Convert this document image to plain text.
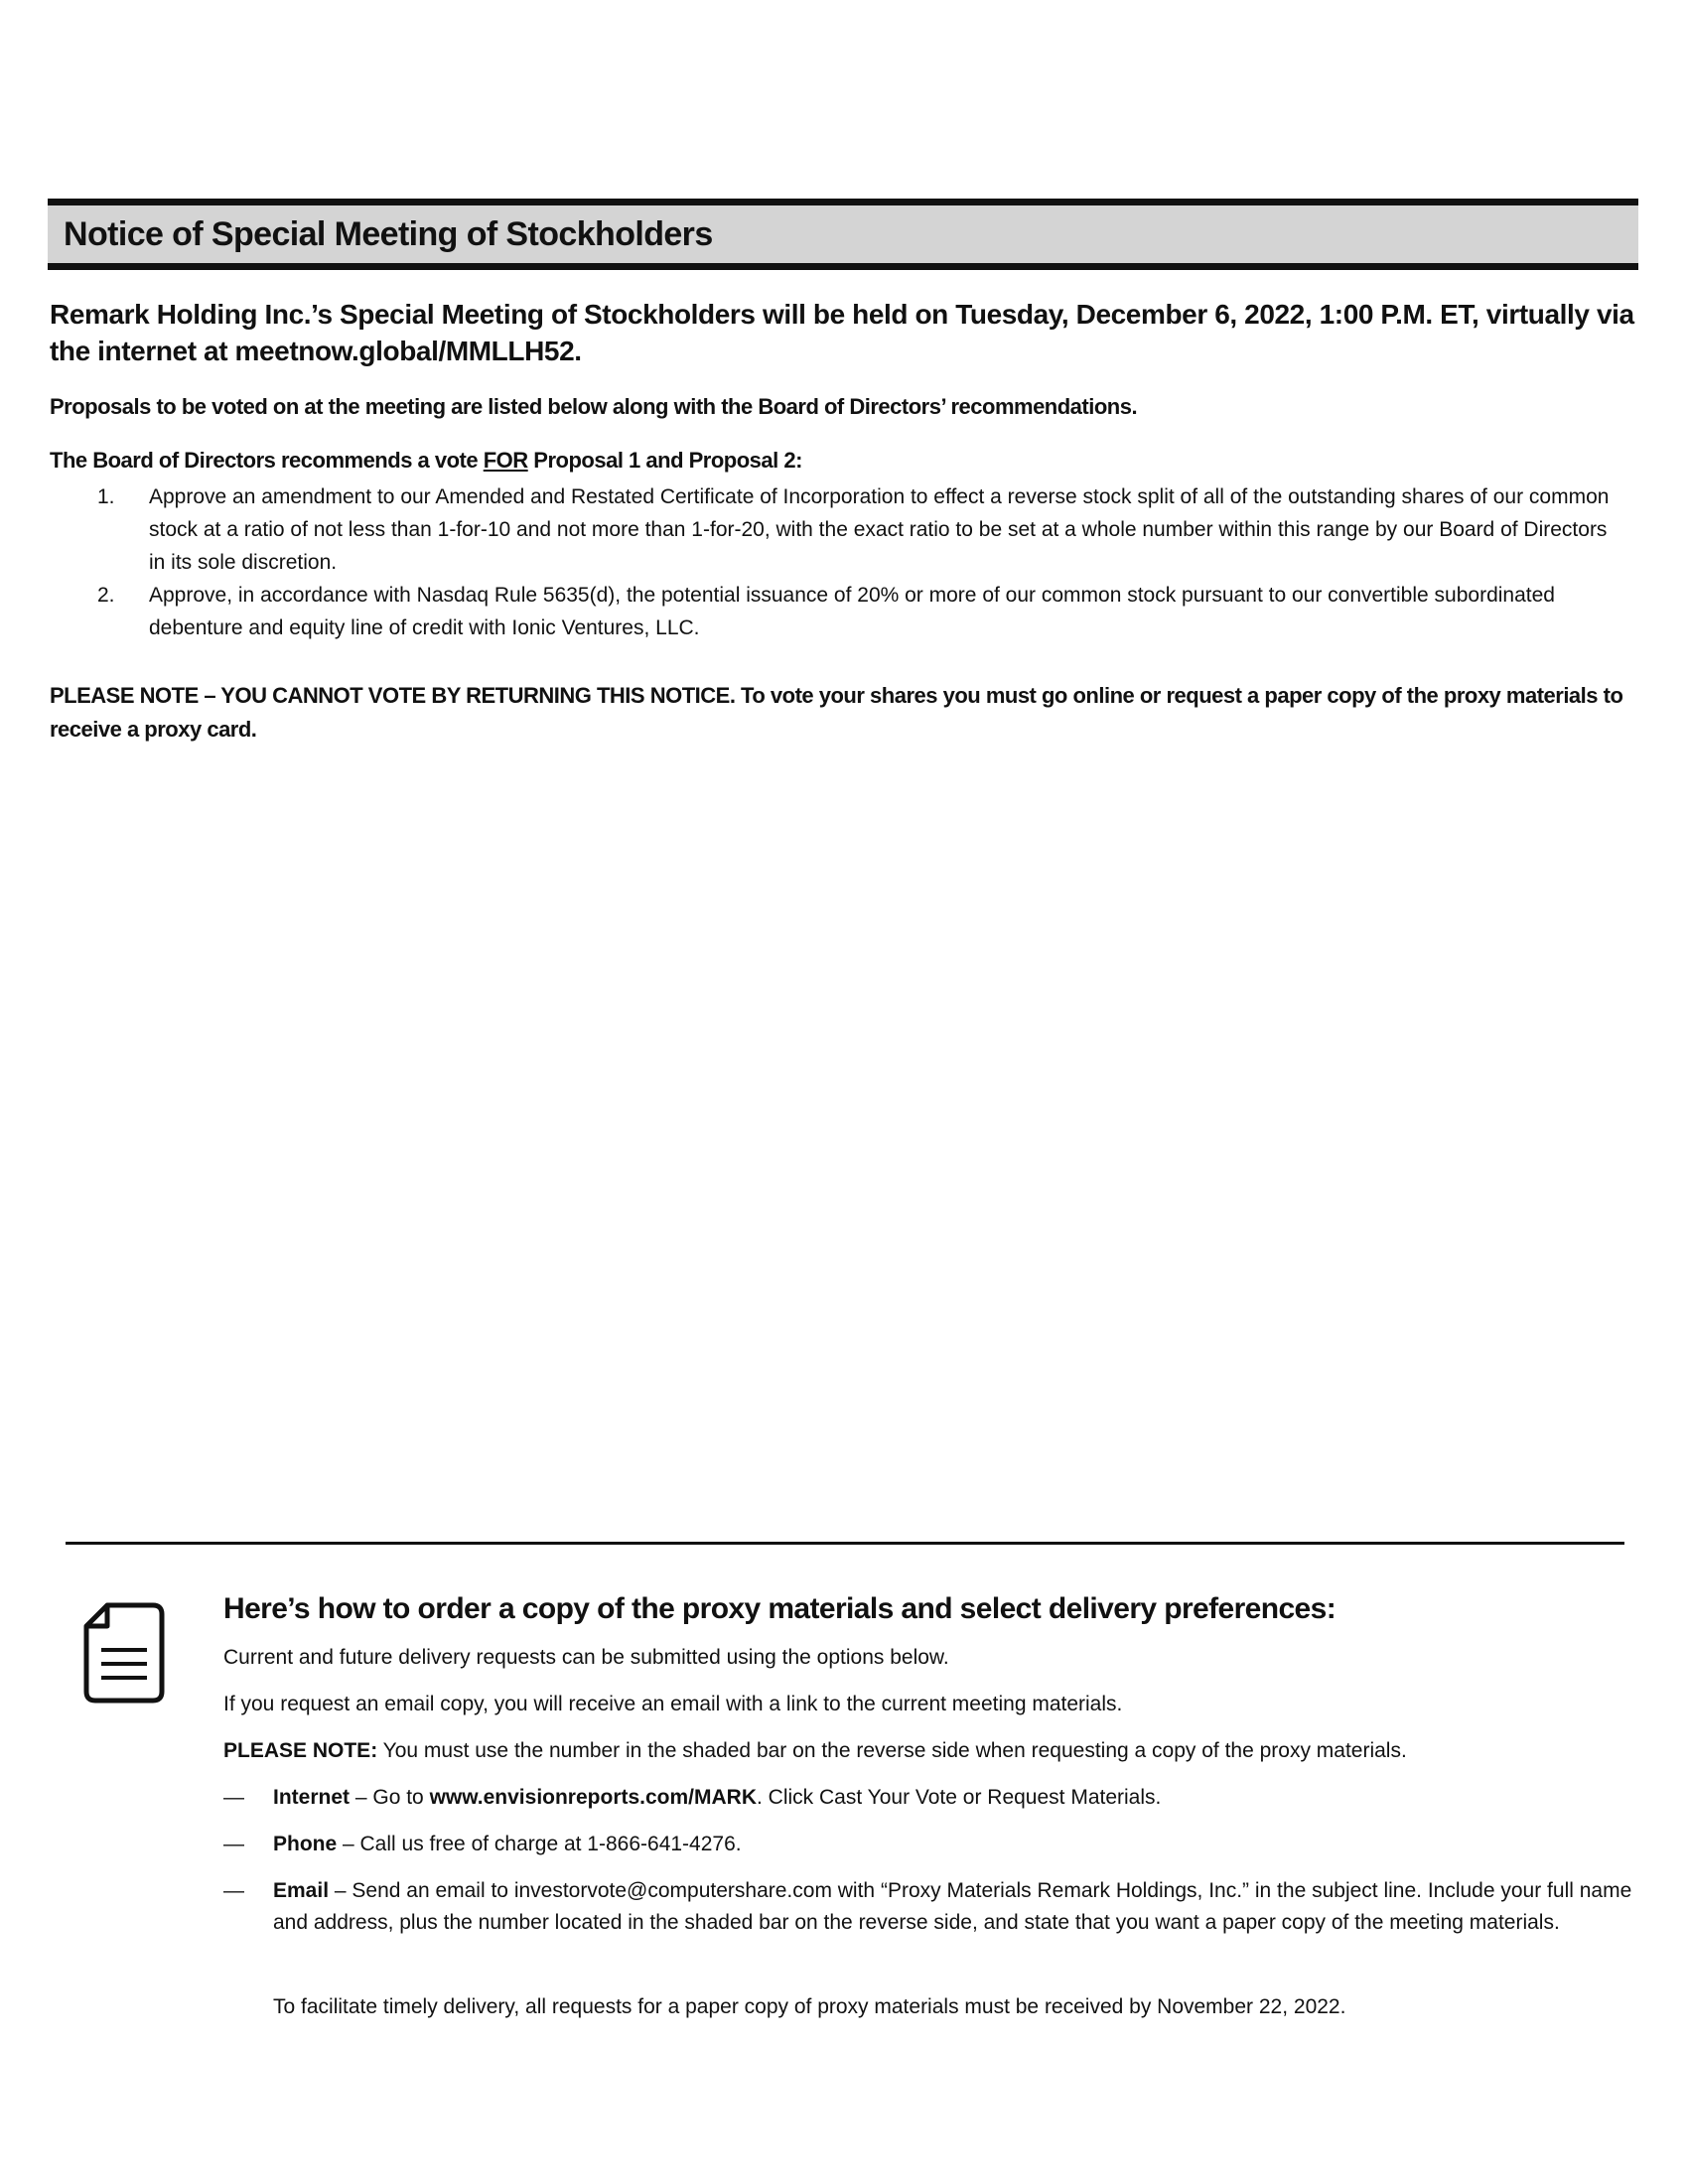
Notice of Special Meeting of Stockholders
Remark Holding Inc.’s Special Meeting of Stockholders will be held on Tuesday, December 6, 2022, 1:00 P.M. ET, virtually via the internet at meetnow.global/MMLLH52.
Proposals to be voted on at the meeting are listed below along with the Board of Directors’ recommendations.
The Board of Directors recommends a vote FOR Proposal 1 and Proposal 2:
1.	Approve an amendment to our Amended and Restated Certificate of Incorporation to effect a reverse stock split of all of the outstanding shares of our common stock at a ratio of not less than 1-for-10 and not more than 1-for-20, with the exact ratio to be set at a whole number within this range by our Board of Directors in its sole discretion.
2.	Approve, in accordance with Nasdaq Rule 5635(d), the potential issuance of 20% or more of our common stock pursuant to our convertible subordinated debenture and equity line of credit with Ionic Ventures, LLC.
PLEASE NOTE – YOU CANNOT VOTE BY RETURNING THIS NOTICE. To vote your shares you must go online or request a paper copy of the proxy materials to receive a proxy card.
Here’s how to order a copy of the proxy materials and select delivery preferences:
Current and future delivery requests can be submitted using the options below.
If you request an email copy, you will receive an email with a link to the current meeting materials.
PLEASE NOTE: You must use the number in the shaded bar on the reverse side when requesting a copy of the proxy materials.
—	Internet – Go to www.envisionreports.com/MARK. Click Cast Your Vote or Request Materials.
—	Phone – Call us free of charge at 1-866-641-4276.
—	Email – Send an email to investorvote@computershare.com with “Proxy Materials Remark Holdings, Inc.” in the subject line. Include your full name and address, plus the number located in the shaded bar on the reverse side, and state that you want a paper copy of the meeting materials.
To facilitate timely delivery, all requests for a paper copy of proxy materials must be received by November 22, 2022.
